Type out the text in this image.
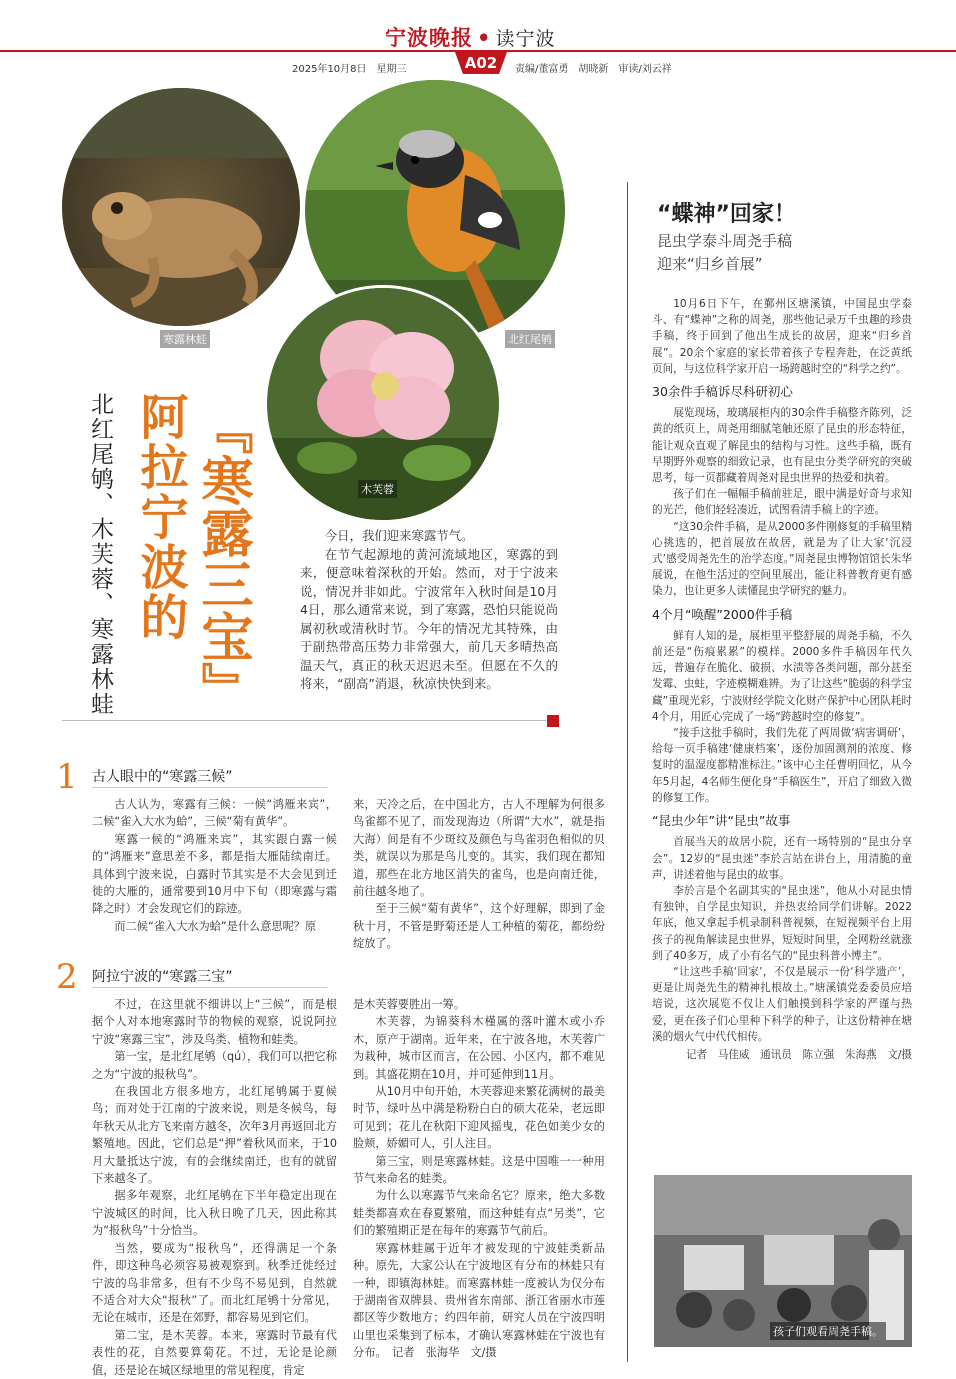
宁波晚报 • 读宁波
2025年10月8日　星期三	A02	责编/董富勇　胡晓新　审读/刘云祥
寒露林蛙	北红尾鸲
木芙蓉
北红尾鸲、木芙蓉、寒露林蛙 阿拉宁波的 『寒露三宝』	今日，我们迎来寒露节气。

在节气起源地的黄河流域地区，寒露的到来，便意味着深秋的开始。然而，对于宁波来说，情况并非如此。宁波常年入秋时间是10月4日，那么通常来说，到了寒露，恐怕只能说尚属初秋或清秋时节。今年的情况尤其特殊，由于副热带高压势力非常强大，前几天多晴热高温天气，真正的秋天迟迟未至。但愿在不久的将来，“副高”消退，秋凉快快到来。

1 古人眼中的“寒露三候”

古人认为，寒露有三候：一候“鸿雁来宾”，二候“雀入大水为蛤”，三候“菊有黄华”。

寒露一候的“鸿雁来宾”，其实跟白露一候的“鸿雁来”意思差不多，都是指大雁陆续南迁。具体到宁波来说，白露时节其实是不大会见到迁徙的大雁的，通常要到10月中下旬（即寒露与霜降之时）才会发现它们的踪迹。

而二候“雀入大水为蛤”是什么意思呢？原

来，天冷之后，在中国北方，古人不理解为何很多鸟雀都不见了，而发现海边（所谓“大水”，就是指大海）间是有不少斑纹及颜色与鸟雀羽色相似的贝类，就误以为那是鸟儿变的。其实，我们现在都知道，那些在北方地区消失的雀鸟，也是向南迁徙，前往越冬地了。

至于三候“菊有黄华”，这个好理解，即到了金秋十月，不管是野菊还是人工种植的菊花，都纷纷绽放了。

2 阿拉宁波的“寒露三宝”

不过，在这里就不细讲以上“三候”，而是根据个人对本地寒露时节的物候的观察，说说阿拉宁波“寒露三宝”，涉及鸟类、植物和蛙类。

第一宝，是北红尾鸲（qú），我们可以把它称之为“宁波的报秋鸟”。

在我国北方很多地方，北红尾鸲属于夏候鸟；而对处于江南的宁波来说，则是冬候鸟，每年秋天从北方飞来南方越冬，次年3月再返回北方繁殖地。因此，它们总是“押”着秋风而来，于10月大量抵达宁波，有的会继续南迁，也有的就留下来越冬了。

据多年观察，北红尾鸲在下半年稳定出现在宁波城区的时间，比入秋日晚了几天，因此称其为“报秋鸟”十分恰当。

当然，要成为“报秋鸟”，还得满足一个条件，即这种鸟必须容易被观察到。秋季迁徙经过宁波的鸟非常多，但有不少鸟不易见到，自然就不适合对大众“报秋”了。而北红尾鸲十分常见，无论在城市，还是在郊野，都容易见到它们。

第二宝，是木芙蓉。本来，寒露时节最有代表性的花，自然要算菊花。不过，无论是论颜值，还是论在城区绿地里的常见程度，肯定

是木芙蓉要胜出一筹。

木芙蓉，为锦葵科木槿属的落叶灌木或小乔木，原产于湖南。近年来，在宁波各地，木芙蓉广为栽种，城市区而言，在公园、小区内，都不难见到。其盛花期在10月，并可延伸到11月。

从10月中旬开始，木芙蓉迎来繁花满树的最美时节，绿叶丛中满是粉粉白白的硕大花朵，老远即可见到；花儿在秋阳下迎风摇曳，花色如美少女的脸颊，娇媚可人，引人注目。

第三宝，则是寒露林蛙。这是中国唯一一种用节气来命名的蛙类。

为什么以寒露节气来命名它？原来，绝大多数蛙类都喜欢在春夏繁殖，而这种蛙有点“另类”，它们的繁殖期正是在每年的寒露节气前后。

寒露林蛙属于近年才被发现的宁波蛙类新品种。原先，大家公认在宁波地区有分布的林蛙只有一种，即镇海林蛙。而寒露林蛙一度被认为仅分布于湖南省双牌县、贵州省东南部、浙江省丽水市莲都区等少数地方；约四年前，研究人员在宁波四明山里也采集到了标本，才确认寒露林蛙在宁波也有分布。　记者　张海华　文/摄

“蝶神”回家！
昆虫学泰斗周尧手稿
迎来“归乡首展”

10月6日下午，在鄞州区塘溪镇，中国昆虫学泰斗、有“蝶神”之称的周尧，那些他记录万千虫趣的珍贵手稿，终于回到了他出生成长的故居，迎来“归乡首展”。20余个家庭的家长带着孩子专程奔赴，在泛黄纸页间，与这位科学家开启一场跨越时空的“科学之约”。

30余件手稿诉尽科研初心

展览现场，玻璃展柜内的30余件手稿整齐陈列，泛黄的纸页上，周尧用细腻笔触还原了昆虫的形态特征，能让观众直观了解昆虫的结构与习性。这些手稿，既有早期野外观察的细致记录，也有昆虫分类学研究的突破思考，每一页都藏着周尧对昆虫世界的热爱和执着。

孩子们在一幅幅手稿前驻足，眼中满是好奇与求知的光芒，他们轻轻凑近，试图看清手稿上的字迹。

“这30余件手稿，是从2000多件刚修复的手稿里精心挑选的，把首展放在故居，就是为了让大家‘沉浸式’感受周尧先生的治学态度。”周尧昆虫博物馆馆长朱华展说，在他生活过的空间里展出，能让科普教育更有感染力，也让更多人读懂昆虫学研究的魅力。

4个月“唤醒”2000件手稿

鲜有人知的是，展柜里平整舒展的周尧手稿，不久前还是“伤痕累累”的模样。2000多件手稿因年代久远，普遍存在脆化、破损、水渍等各类问题，部分甚至发霉、虫蛀，字迹模糊难辨。为了让这些“脆弱的科学宝藏”重现光彩，宁波财经学院文化财产保护中心团队耗时4个月，用匠心完成了一场“跨越时空的修复”。

“接手这批手稿时，我们先花了两周做‘病害调研’，给每一页手稿建‘健康档案’，逐份加固测剂的浓度、修复时的温湿度都精准标注。”该中心主任曹明回忆，从今年5月起，4名师生便化身“手稿医生”，开启了细致入微的修复工作。

“昆虫少年”讲“昆虫”故事

首展当天的故居小院，还有一场特别的“昆虫分享会”。12岁的“昆虫迷”李於言站在讲台上，用清脆的童声，讲述着他与昆虫的故事。

李於言是个名副其实的“昆虫迷”，他从小对昆虫情有独钟，自学昆虫知识，并热衷给同学们讲解。2022年底，他又拿起手机录制科普视频，在短视频平台上用孩子的视角解读昆虫世界，短短时间里，全网粉丝就涨到了40多万，成了小有名气的“昆虫科普小博主”。

“让这些手稿‘回家’，不仅是展示一份‘科学遗产’，更是让周尧先生的精神扎根故土。”塘溪镇党委委员应培培说，这次展览不仅让人们触摸到科学家的严谨与热爱，更在孩子们心里种下科学的种子，让这份精神在塘溪的烟火气中代代相传。

记者　马佳威　通讯员　陈立强　朱海燕　文/摄
孩子们观看周尧手稿。
